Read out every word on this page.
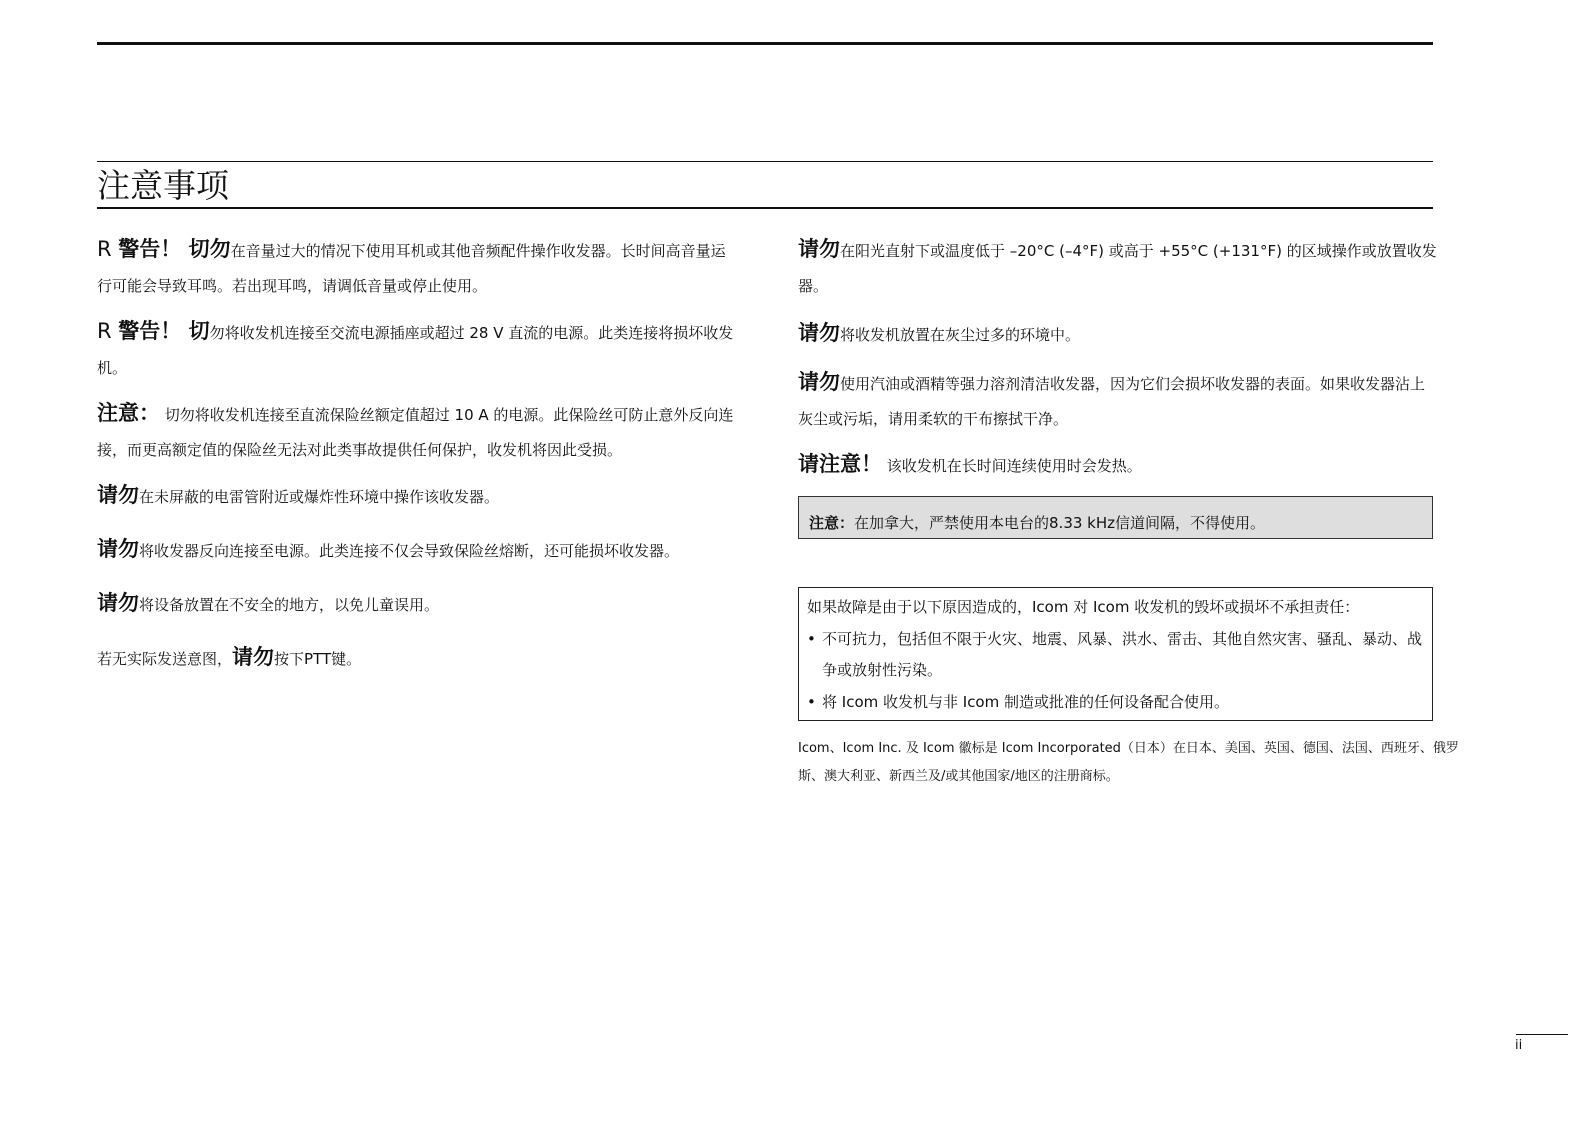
注意事项

R 警告！ 切勿在音量过大的情况下使用耳机或其他音频配件操作收发器。长时间高音量运行可能会导致耳鸣。若出现耳鸣，请调低音量或停止使用。

R 警告！ 切勿将收发机连接至交流电源插座或超过 28 V 直流的电源。此类连接将损坏收发机。

注意： 切勿将收发机连接至直流保险丝额定值超过 10 A 的电源。此保险丝可防止意外反向连接，而更高额定值的保险丝无法对此类事故提供任何保护，收发机将因此受损。

请勿在未屏蔽的电雷管附近或爆炸性环境中操作该收发器。

请勿将收发器反向连接至电源。此类连接不仅会导致保险丝熔断，还可能损坏收发器。

请勿将设备放置在不安全的地方，以免儿童误用。

若无实际发送意图，请勿按下PTT键。

请勿在阳光直射下或温度低于 –20°C (–4°F) 或高于 +55°C (+131°F) 的区域操作或放置收发器。

请勿将收发机放置在灰尘过多的环境中。

请勿使用汽油或酒精等强力溶剂清洁收发器，因为它们会损坏收发器的表面。如果收发器沾上灰尘或污垢，请用柔软的干布擦拭干净。

请注意！ 该收发机在长时间连续使用时会发热。

注意：在加拿大，严禁使用本电台的8.33 kHz信道间隔，不得使用。
如果故障是由于以下原因造成的，Icom 对 Icom 收发机的毁坏或损坏不承担责任：
• 不可抗力，包括但不限于火灾、地震、风暴、洪水、雷击、其他自然灾害、骚乱、暴动、战争或放射性污染。
• 将 Icom 收发机与非 Icom 制造或批准的任何设备配合使用。
Icom、Icom Inc. 及 Icom 徽标是 Icom Incorporated（日本）在日本、美国、英国、德国、法国、西班牙、俄罗斯、澳大利亚、新西兰及/或其他国家/地区的注册商标。
ii
